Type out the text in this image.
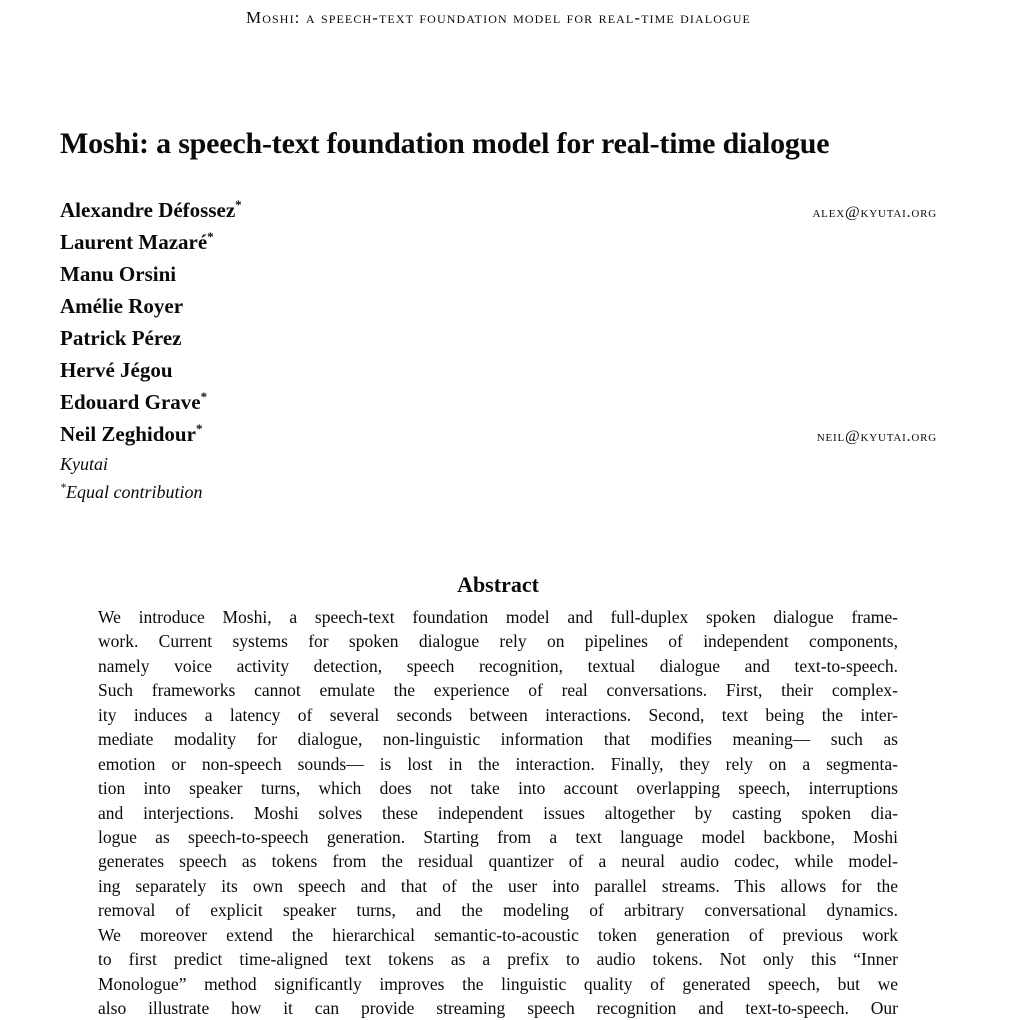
Moshi: a speech-text foundation model for real-time dialogue
Moshi: a speech-text foundation model for real-time dialogue
Alexandre Défossez*	alex@kyutai.org
Laurent Mazaré*
Manu Orsini
Amélie Royer
Patrick Pérez
Hervé Jégou
Edouard Grave*
Neil Zeghidour*	neil@kyutai.org
Kyutai
*Equal contribution
Abstract
We introduce Moshi, a speech-text foundation model and full-duplex spoken dialogue frame-
work. Current systems for spoken dialogue rely on pipelines of independent components,
namely voice activity detection, speech recognition, textual dialogue and text-to-speech.
Such frameworks cannot emulate the experience of real conversations. First, their complex-
ity induces a latency of several seconds between interactions. Second, text being the inter-
mediate modality for dialogue, non-linguistic information that modifies meaning— such as
emotion or non-speech sounds— is lost in the interaction. Finally, they rely on a segmenta-
tion into speaker turns, which does not take into account overlapping speech, interruptions
and interjections. Moshi solves these independent issues altogether by casting spoken dia-
logue as speech-to-speech generation. Starting from a text language model backbone, Moshi
generates speech as tokens from the residual quantizer of a neural audio codec, while model-
ing separately its own speech and that of the user into parallel streams. This allows for the
removal of explicit speaker turns, and the modeling of arbitrary conversational dynamics.
We moreover extend the hierarchical semantic-to-acoustic token generation of previous work
to first predict time-aligned text tokens as a prefix to audio tokens. Not only this “Inner
Monologue” method significantly improves the linguistic quality of generated speech, but we
also illustrate how it can provide streaming speech recognition and text-to-speech. Our
